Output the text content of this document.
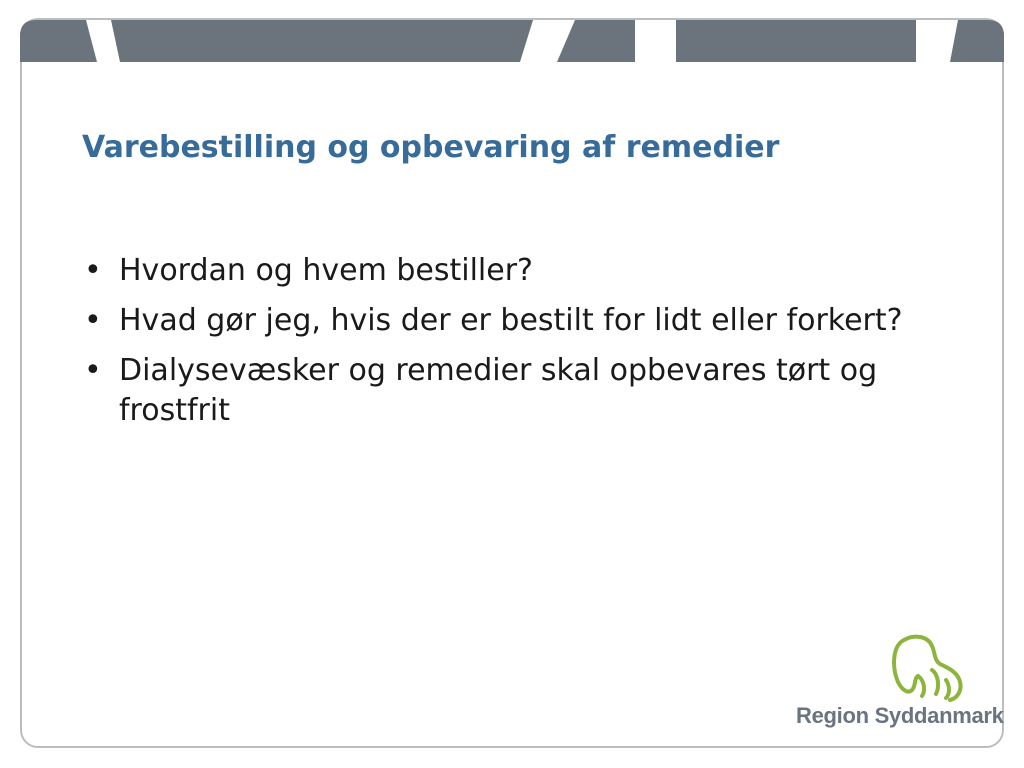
Varebestilling og opbevaring af remedier
• Hvordan og hvem bestiller?
• Hvad gør jeg, hvis der er bestilt for lidt eller forkert?
• Dialysevæsker og remedier skal opbevares tørt og frostfrit
Region Syddanmark
